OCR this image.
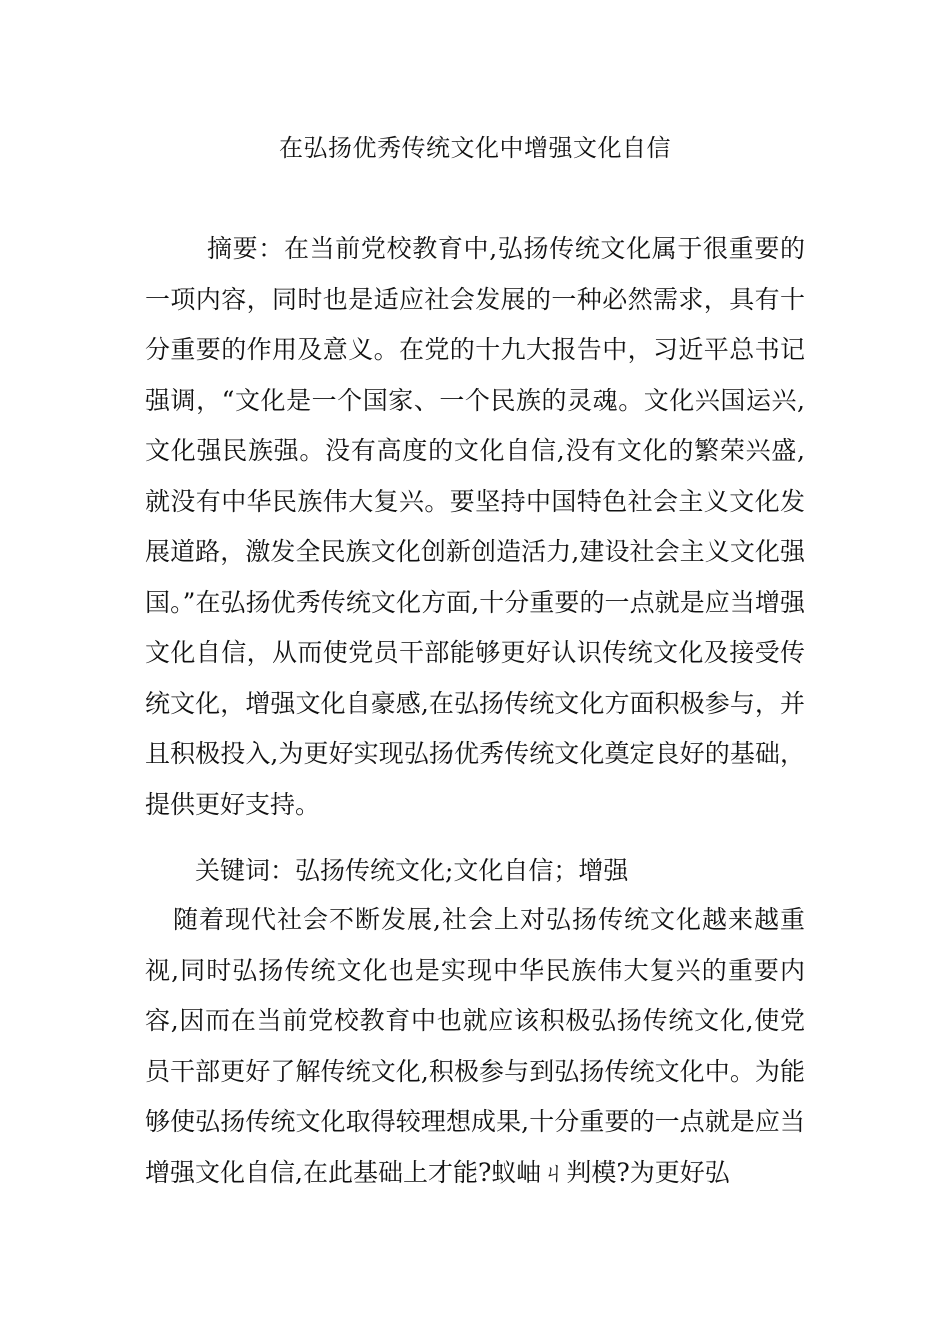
在弘扬优秀传统文化中增强文化自信
摘要：在当前党校教育中,弘扬传统文化属于很重要的一项内容，同时也是适应社会发展的一种必然需求，具有十分重要的作用及意义。在党的十九大报告中，习近平总书记强调，“文化是一个国家、一个民族的灵魂。文化兴国运兴,文化强民族强。没有高度的文化自信,没有文化的繁荣兴盛,就没有中华民族伟大复兴。要坚持中国特色社会主义文化发展道路，激发全民族文化创新创造活力,建设社会主义文化强国。”在弘扬优秀传统文化方面,十分重要的一点就是应当增强文化自信，从而使党员干部能够更好认识传统文化及接受传统文化，增强文化自豪感,在弘扬传统文化方面积极参与，并且积极投入,为更好实现弘扬优秀传统文化奠定良好的基础，提供更好支持。
关键词：弘扬传统文化;文化自信；增强
随着现代社会不断发展,社会上对弘扬传统文化越来越重视,同时弘扬传统文化也是实现中华民族伟大复兴的重要内容,因而在当前党校教育中也就应该积极弘扬传统文化,使党员干部更好了解传统文化,积极参与到弘扬传统文化中。为能够使弘扬传统文化取得较理想成果,十分重要的一点就是应当增强文化自信,在此基础上才能?蚁岫ㄐ判模?为更好弘
